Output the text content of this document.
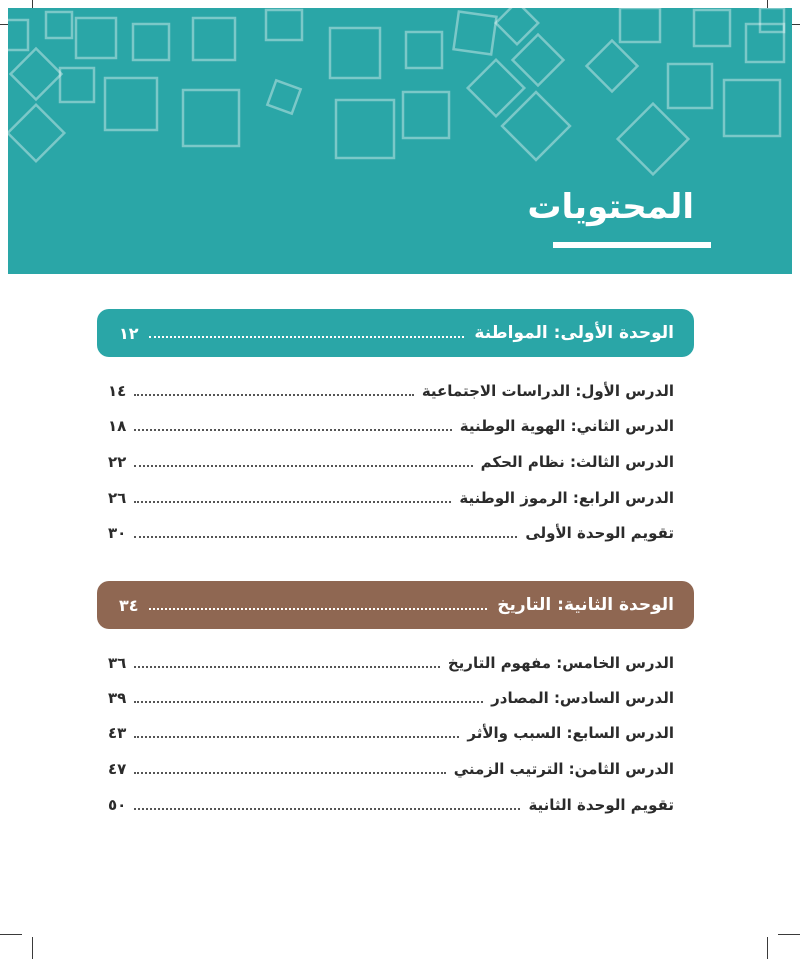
المحتويات
الوحدة الأولى: المواطنة
١٢
الدرس الأول: الدراسات الاجتماعية
١٤
الدرس الثاني: الهوية الوطنية
١٨
الدرس الثالث: نظام الحكم
٢٢
الدرس الرابع: الرموز الوطنية
٢٦
تقويم الوحدة الأولى
٣٠
الوحدة الثانية: التاريخ
٣٤
الدرس الخامس: مفهوم التاريخ
٣٦
الدرس السادس: المصادر
٣٩
الدرس السابع: السبب والأثر
٤٣
الدرس الثامن: الترتيب الزمني
٤٧
تقويم الوحدة الثانية
٥٠
